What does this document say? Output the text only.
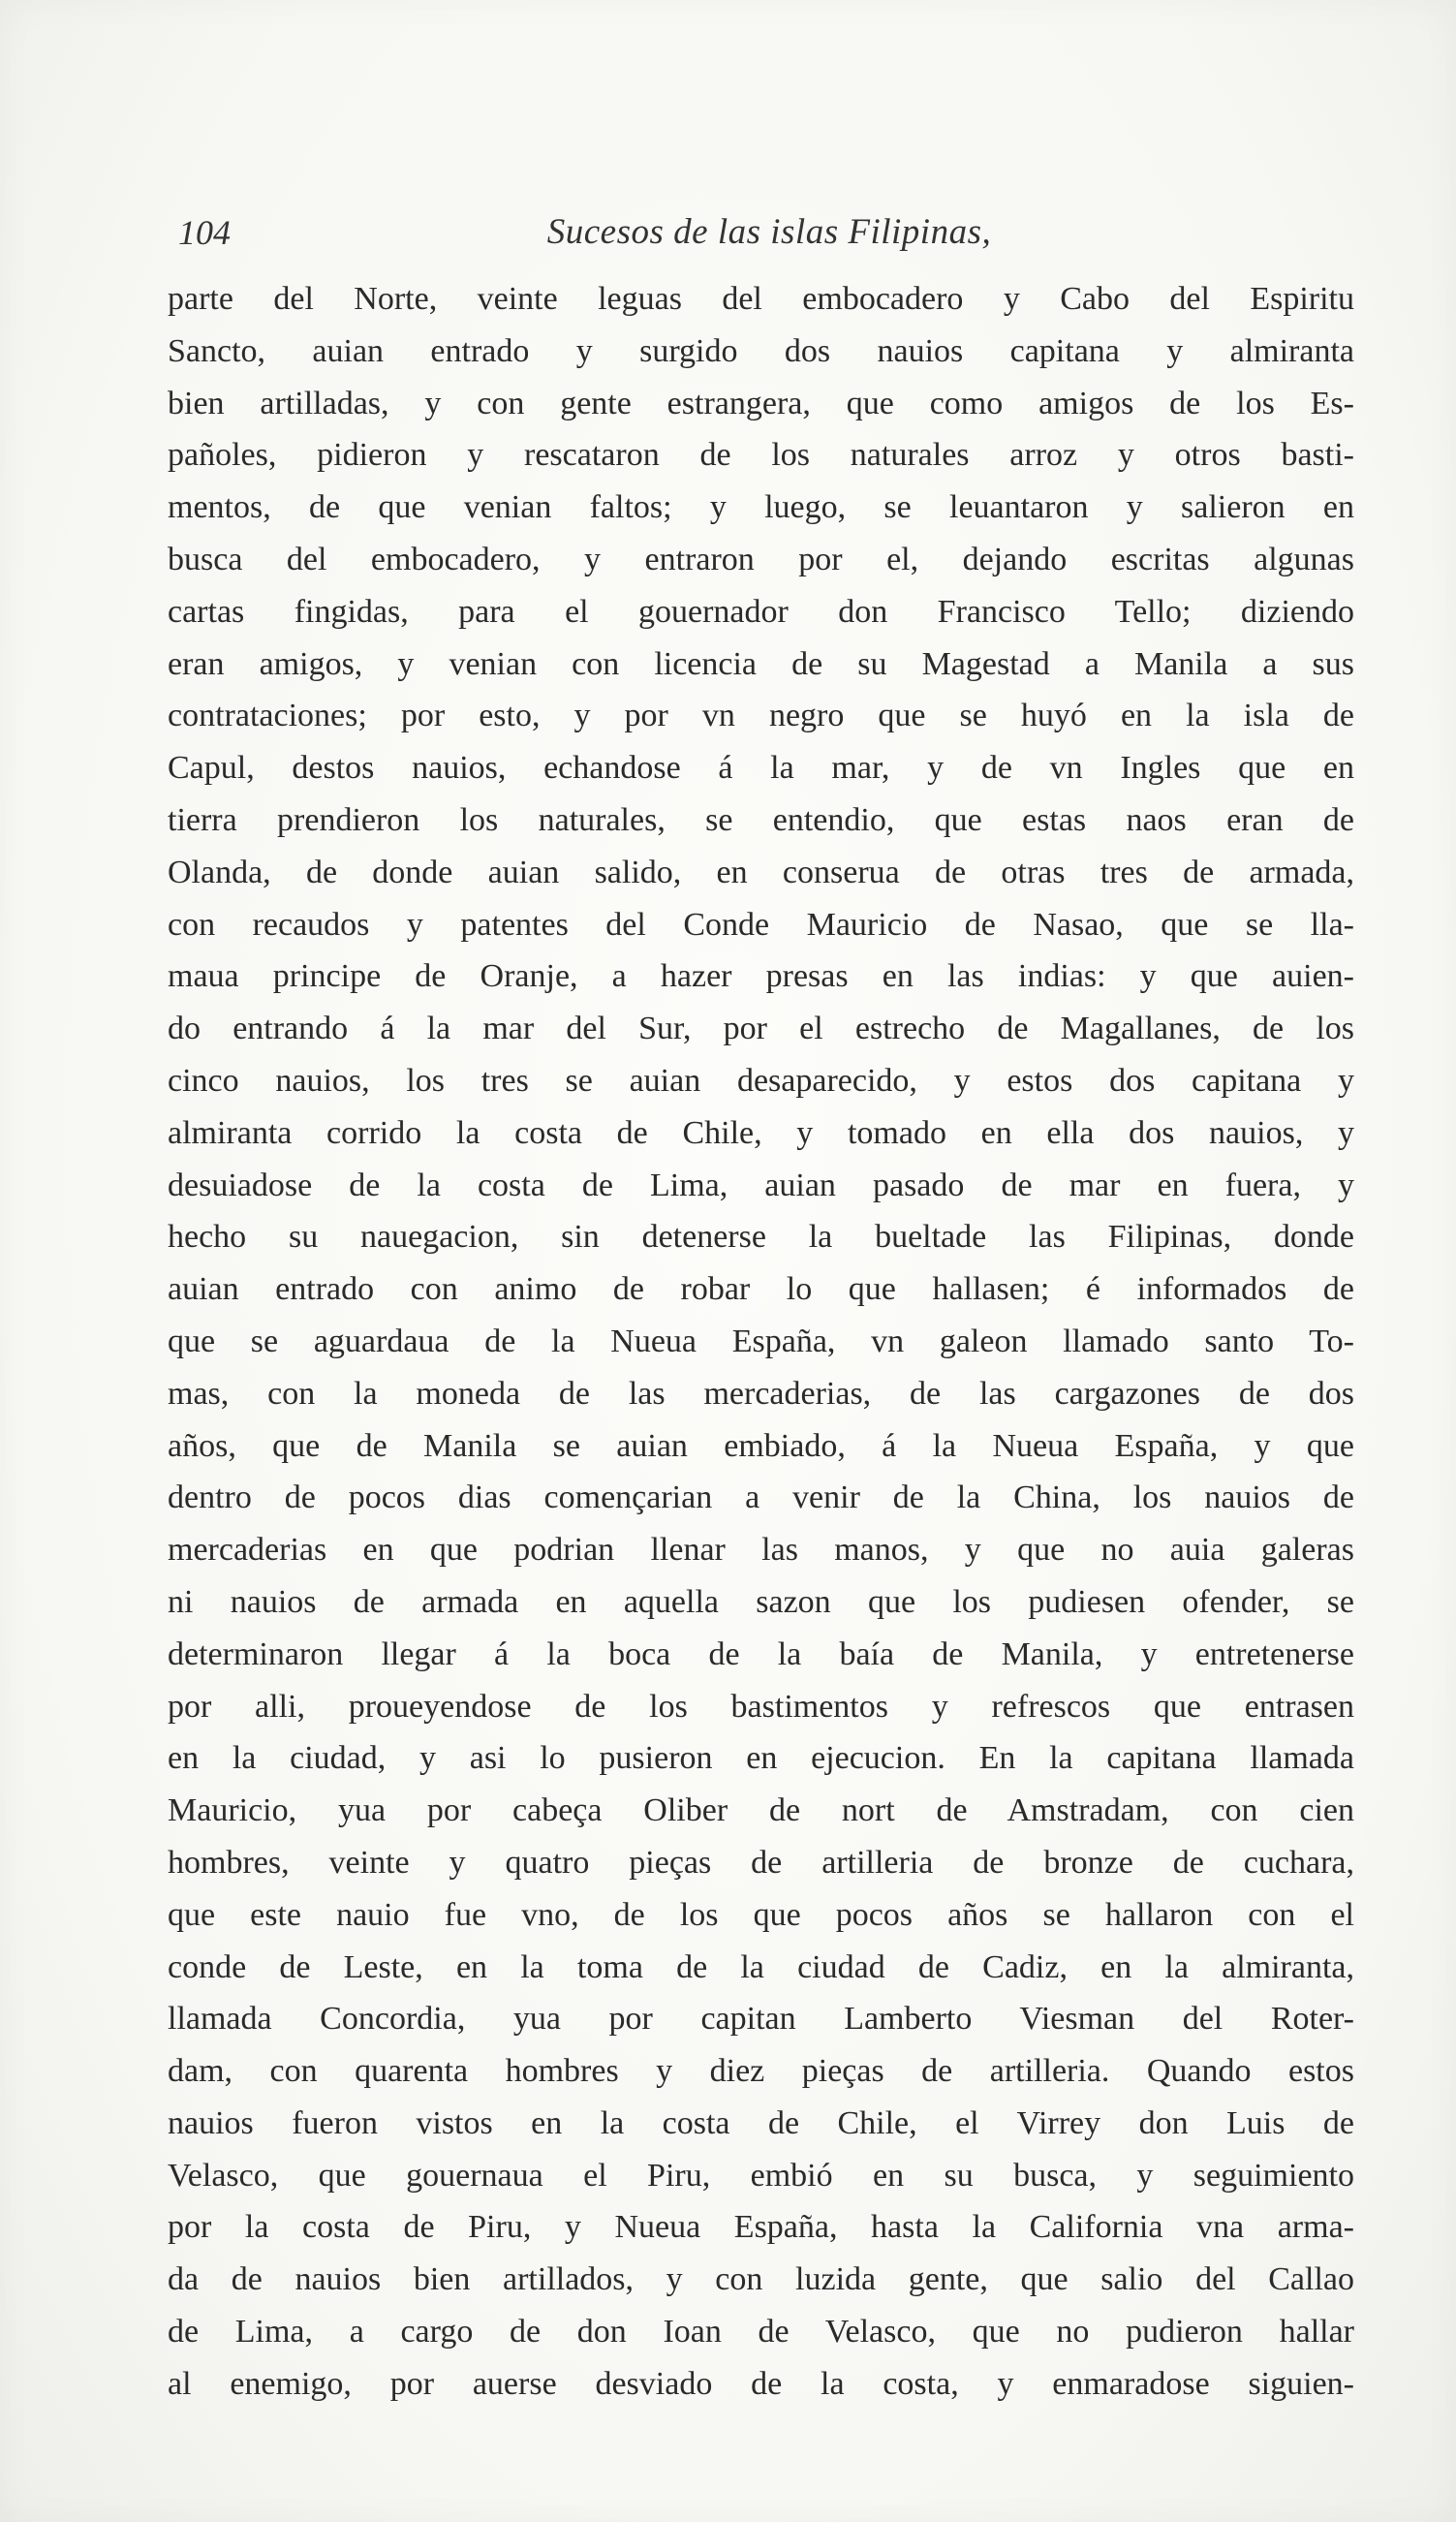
104	Sucesos de las islas Filipinas,
parte del Norte, veinte leguas del embocadero y Cabo del Espiritu
Sancto, auian entrado y surgido dos nauios capitana y almiranta
bien artilladas, y con gente estrangera, que como amigos de los Es-
pañoles, pidieron y rescataron de los naturales arroz y otros basti-
mentos, de que venian faltos; y luego, se leuantaron y salieron en
busca del embocadero, y entraron por el, dejando escritas algunas
cartas fingidas, para el gouernador don Francisco Tello; diziendo
eran amigos, y venian con licencia de su Magestad a Manila a sus
contrataciones; por esto, y por vn negro que se huyó en la isla de
Capul, destos nauios, echandose á la mar, y de vn Ingles que en
tierra prendieron los naturales, se entendio, que estas naos eran de
Olanda, de donde auian salido, en conserua de otras tres de armada,
con recaudos y patentes del Conde Mauricio de Nasao, que se lla-
maua principe de Oranje, a hazer presas en las indias: y que auien-
do entrando á la mar del Sur, por el estrecho de Magallanes, de los
cinco nauios, los tres se auian desaparecido, y estos dos capitana y
almiranta corrido la costa de Chile, y tomado en ella dos nauios, y
desuiadose de la costa de Lima, auian pasado de mar en fuera, y
hecho su nauegacion, sin detenerse la bueltade las Filipinas, donde
auian entrado con animo de robar lo que hallasen; é informados de
que se aguardaua de la Nueua España, vn galeon llamado santo To-
mas, con la moneda de las mercaderias, de las cargazones de dos
años, que de Manila se auian embiado, á la Nueua España, y que
dentro de pocos dias començarian a venir de la China, los nauios de
mercaderias en que podrian llenar las manos, y que no auia galeras
ni nauios de armada en aquella sazon que los pudiesen ofender, se
determinaron llegar á la boca de la baía de Manila, y entretenerse
por alli, proueyendose de los bastimentos y refrescos que entrasen
en la ciudad, y asi lo pusieron en ejecucion. En la capitana llamada
Mauricio, yua por cabeça Oliber de nort de Amstradam, con cien
hombres, veinte y quatro pieças de artilleria de bronze de cuchara,
que este nauio fue vno, de los que pocos años se hallaron con el
conde de Leste, en la toma de la ciudad de Cadiz, en la almiranta,
llamada Concordia, yua por capitan Lamberto Viesman del Roter-
dam, con quarenta hombres y diez pieças de artilleria. Quando estos
nauios fueron vistos en la costa de Chile, el Virrey don Luis de
Velasco, que gouernaua el Piru, embió en su busca, y seguimiento
por la costa de Piru, y Nueua España, hasta la California vna arma-
da de nauios bien artillados, y con luzida gente, que salio del Callao
de Lima, a cargo de don Ioan de Velasco, que no pudieron hallar
al enemigo, por auerse desviado de la costa, y enmaradose siguien-
